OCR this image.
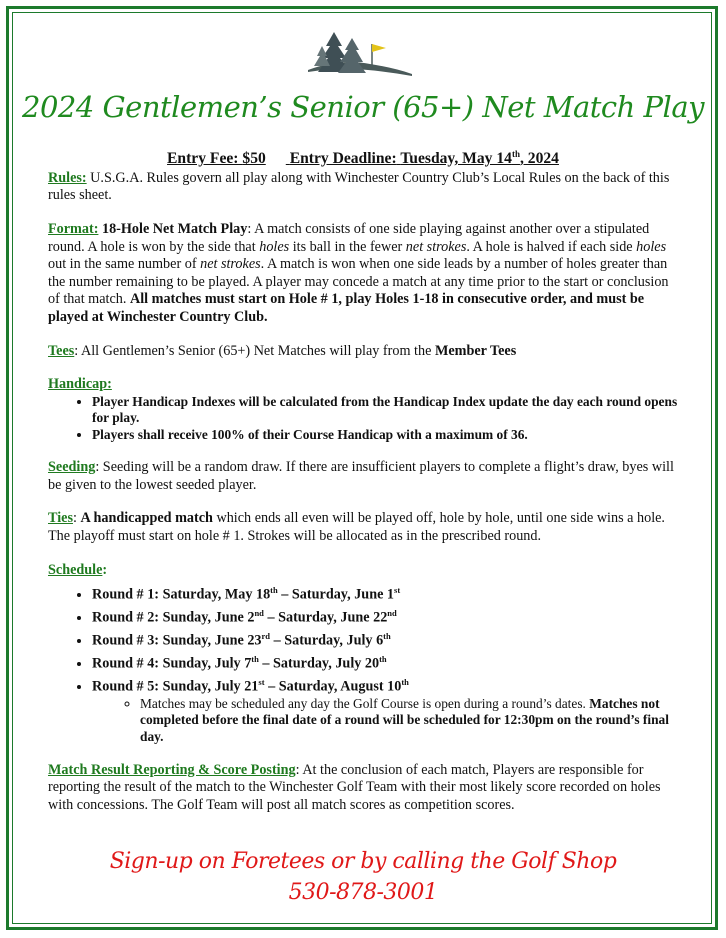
2024 Gentlemen’s Senior (65+) Net Match Play

Entry Fee: $50 Entry Deadline: Tuesday, May 14th, 2024

Rules: U.S.G.A. Rules govern all play along with Winchester Country Club’s Local Rules on the back of this rules sheet.

Format: 18-Hole Net Match Play: A match consists of one side playing against another over a stipulated round. A hole is won by the side that holes its ball in the fewer net strokes. A hole is halved if each side holes out in the same number of net strokes. A match is won when one side leads by a number of holes greater than the number remaining to be played. A player may concede a match at any time prior to the start or conclusion of that match. All matches must start on Hole # 1, play Holes 1-18 in consecutive order, and must be played at Winchester Country Club.

Tees: All Gentlemen’s Senior (65+) Net Matches will play from the Member Tees

Handicap:
• Player Handicap Indexes will be calculated from the Handicap Index update the day each round opens for play.
• Players shall receive 100% of their Course Handicap with a maximum of 36.

Seeding: Seeding will be a random draw. If there are insufficient players to complete a flight’s draw, byes will be given to the lowest seeded player.

Ties: A handicapped match which ends all even will be played off, hole by hole, until one side wins a hole. The playoff must start on hole # 1. Strokes will be allocated as in the prescribed round.

Schedule:
• Round # 1: Saturday, May 18th – Saturday, June 1st
• Round # 2: Sunday, June 2nd – Saturday, June 22nd
• Round # 3: Sunday, June 23rd – Saturday, July 6th
• Round # 4: Sunday, July 7th – Saturday, July 20th
• Round # 5: Sunday, July 21st – Saturday, August 10th
◦ Matches may be scheduled any day the Golf Course is open during a round’s dates. Matches not completed before the final date of a round will be scheduled for 12:30pm on the round’s final day.

Match Result Reporting & Score Posting: At the conclusion of each match, Players are responsible for reporting the result of the match to the Winchester Golf Team with their most likely score recorded on holes with concessions. The Golf Team will post all match scores as competition scores.

Sign-up on Foretees or by calling the Golf Shop
530-878-3001
